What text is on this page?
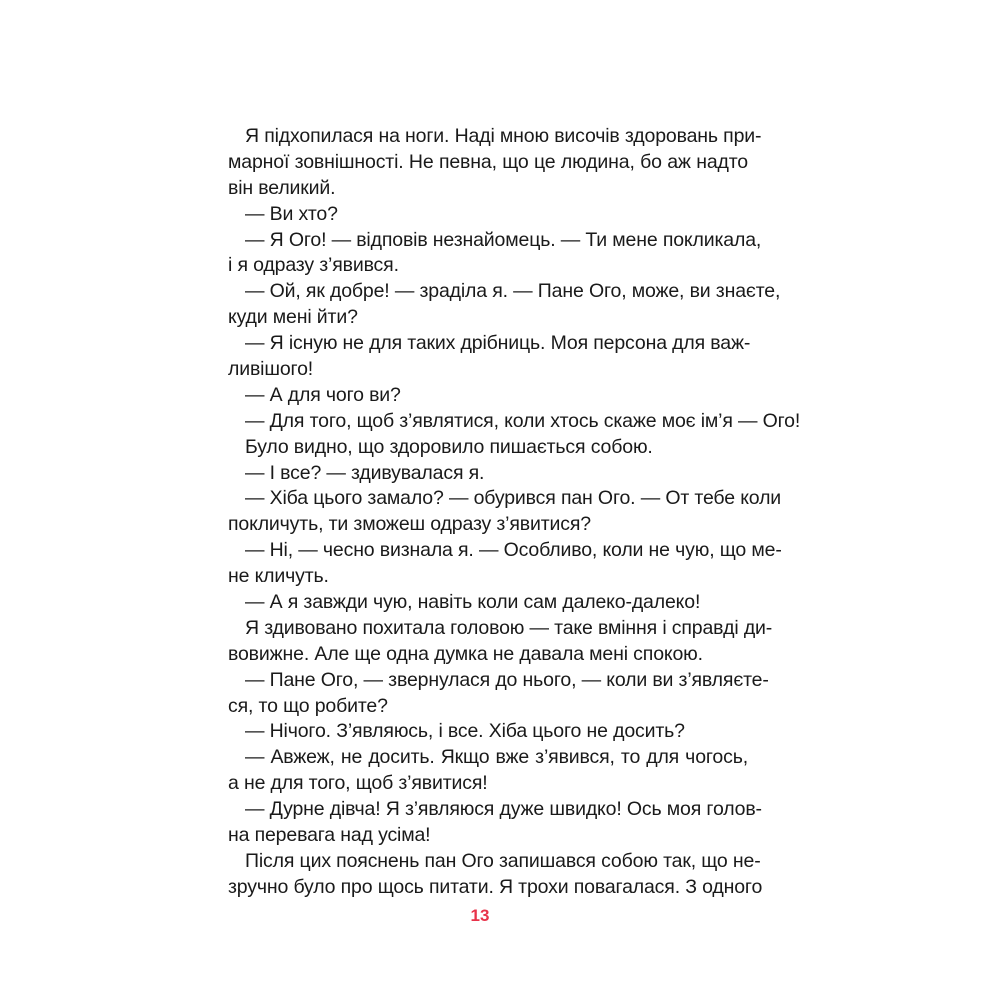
Я підхопилася на ноги. Наді мною височів здоровань при-
марної зовнішності. Не певна, що це людина, бо аж надто
він великий.
— Ви хто?
— Я Ого! — відповів незнайомець. — Ти мене покликала,
і я одразу з’явився.
— Ой, як добре! — зраділа я. — Пане Ого, може, ви знаєте,
куди мені йти?
— Я існую не для таких дрібниць. Моя персона для важ-
ливішого!
— А для чого ви?
— Для того, щоб з’являтися, коли хтось скаже моє ім’я — Ого!
Було видно, що здоровило пишається собою.
— І все? — здивувалася я.
— Хіба цього замало? — обурився пан Ого. — От тебе коли
покличуть, ти зможеш одразу з’явитися?
— Ні, — чесно визнала я. — Особливо, коли не чую, що ме-
не кличуть.
— А я завжди чую, навіть коли сам далеко-далеко!
Я здивовано похитала головою — таке вміння і справді ди-
вовижне. Але ще одна думка не давала мені спокою.
— Пане Ого, — звернулася до нього, — коли ви з’являєте-
ся, то що робите?
— Нічого. З’являюсь, і все. Хіба цього не досить?
— Авжеж, не досить. Якщо вже з’явився, то для чогось,
а не для того, щоб з’явитися!
— Дурне дівча! Я з’являюся дуже швидко! Ось моя голов-
на перевага над усіма!
Після цих пояснень пан Ого запишався собою так, що не-
зручно було про щось питати. Я трохи повагалася. З одного
13
